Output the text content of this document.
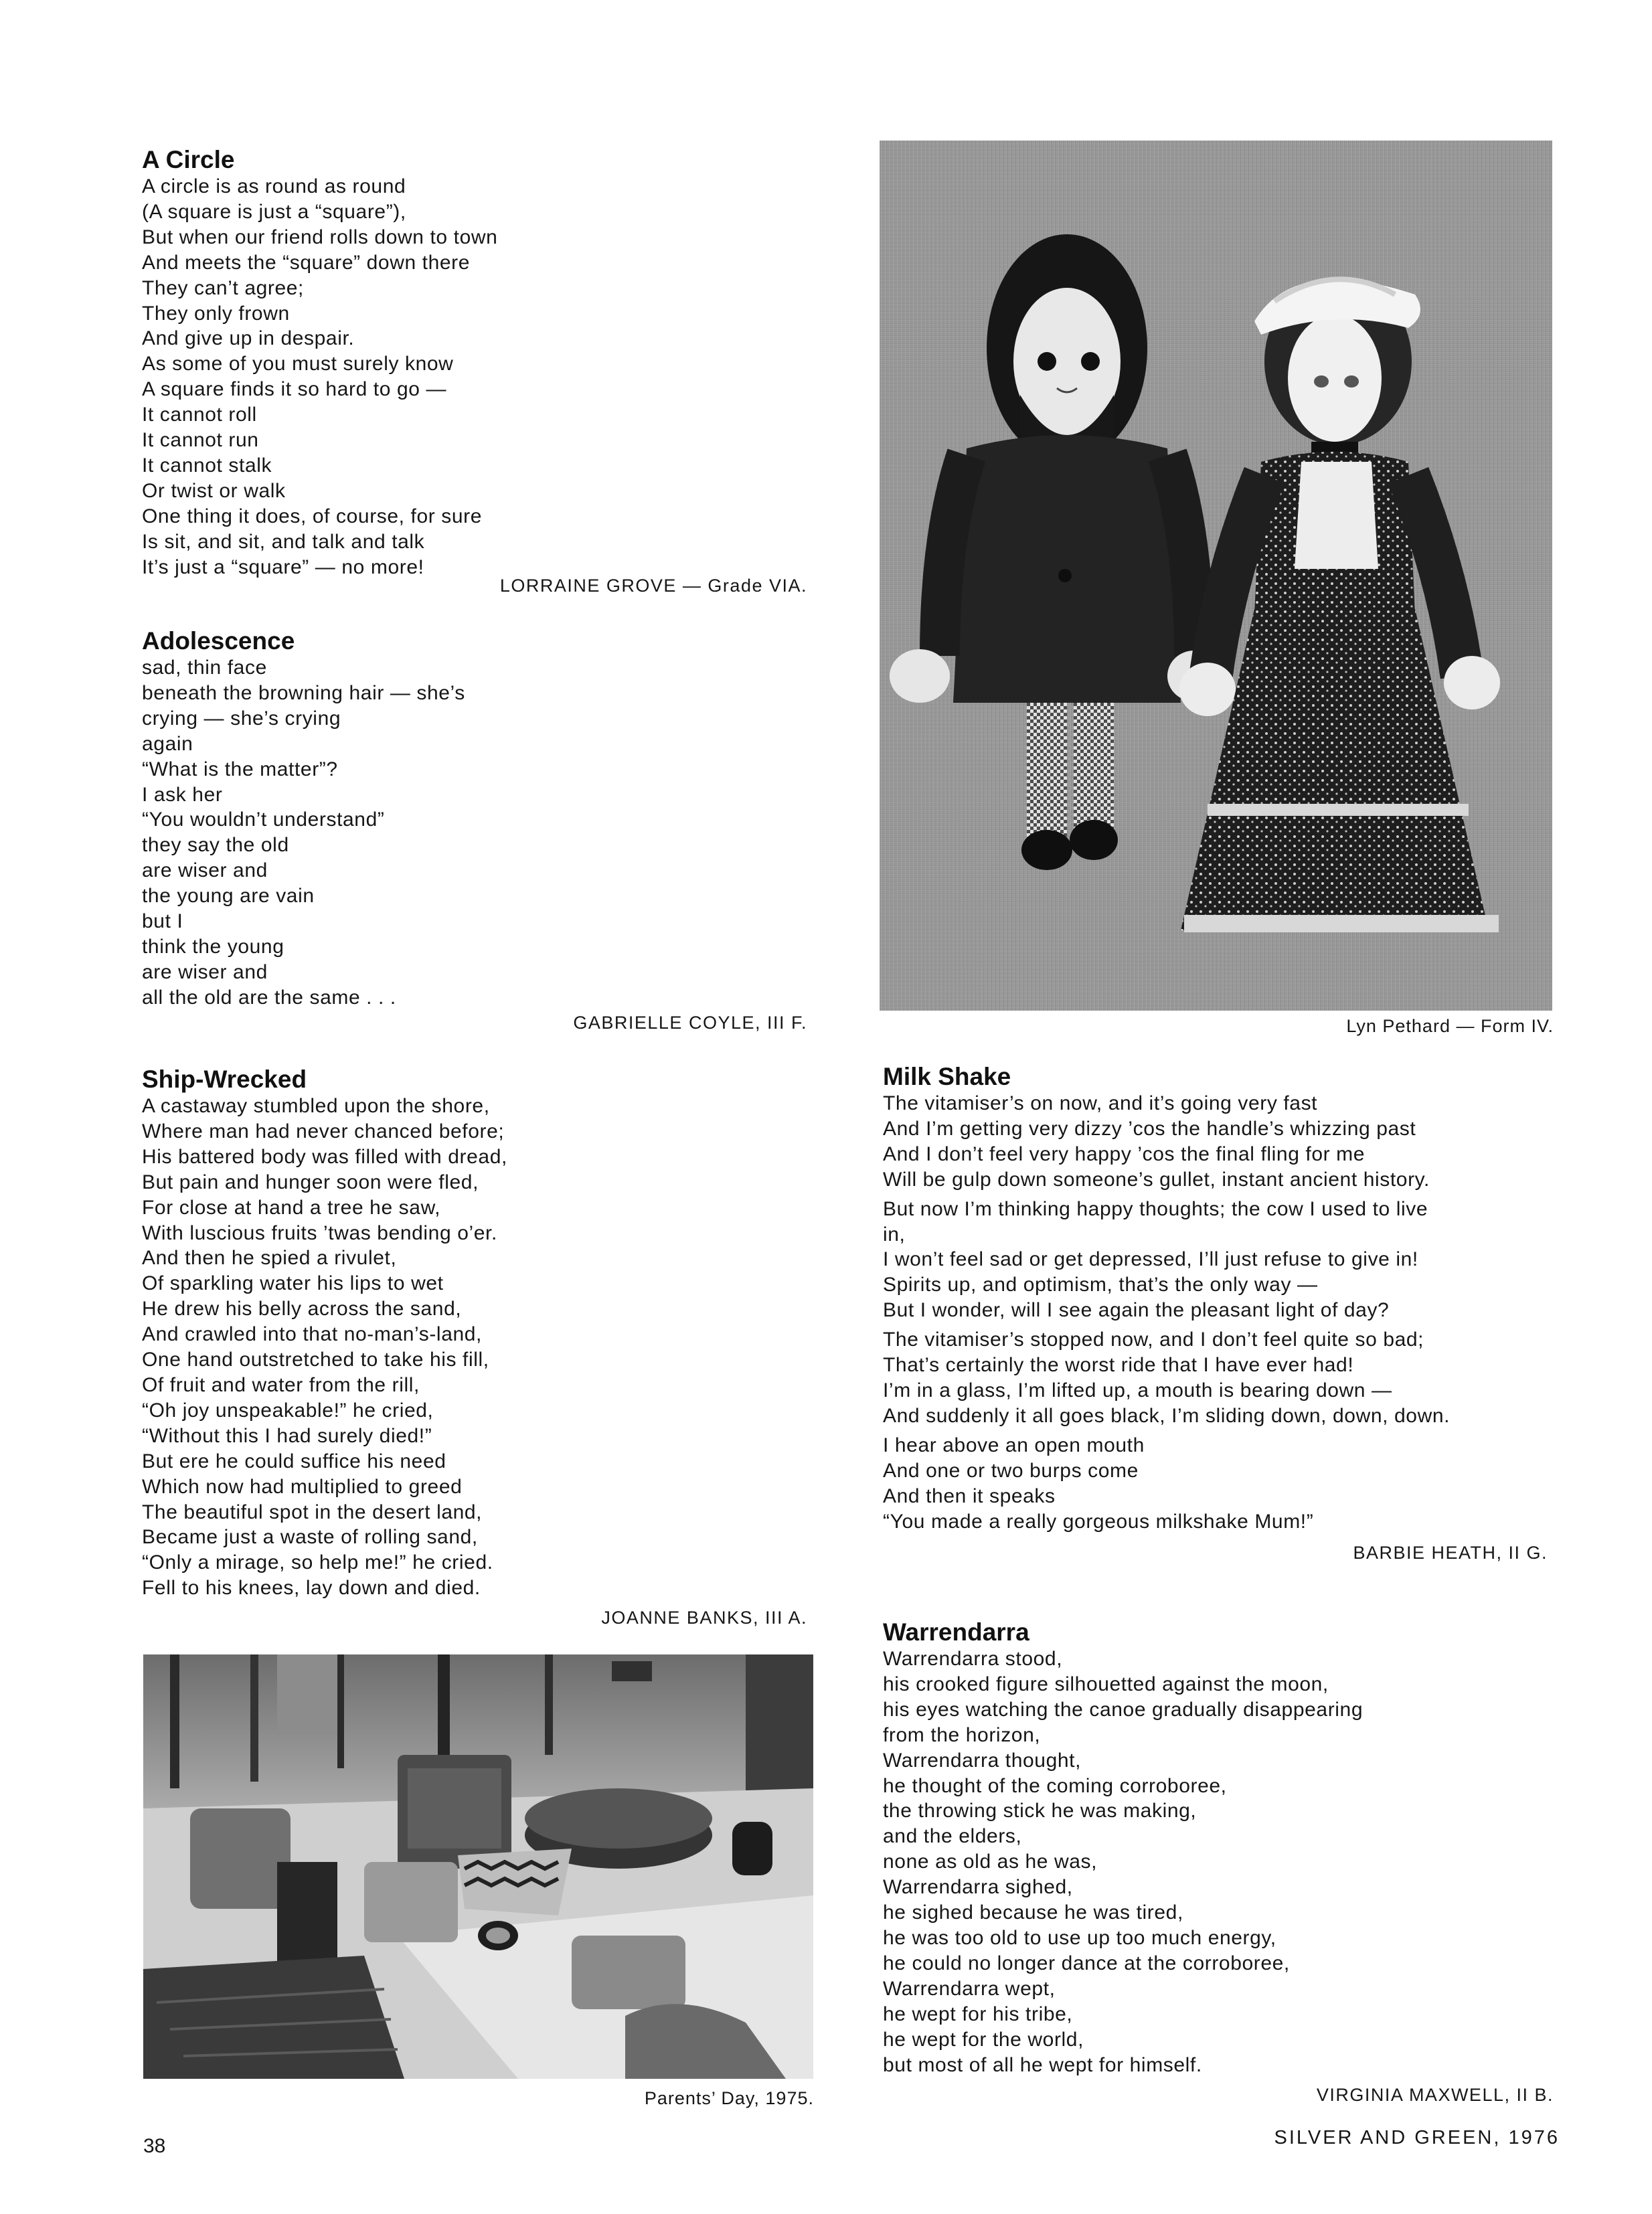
A Circle
A circle is as round as round
(A square is just a “square”),
But when our friend rolls down to town
And meets the “square” down there
They can’t agree;
They only frown
And give up in despair.
As some of you must surely know
A square finds it so hard to go —
It cannot roll
It cannot run
It cannot stalk
Or twist or walk
One thing it does, of course, for sure
Is sit, and sit, and talk and talk
It’s just a “square” — no more!
LORRAINE GROVE — Grade VIA.
Adolescence
sad, thin face
beneath the browning hair — she’s
crying — she’s crying
again
“What is the matter”?
I ask her
“You wouldn’t understand”
they say the old
are wiser and
the young are vain
but I
think the young
are wiser and
all the old are the same . . .
GABRIELLE COYLE, III F.
Ship-Wrecked
A castaway stumbled upon the shore,
Where man had never chanced before;
His battered body was filled with dread,
But pain and hunger soon were fled,
For close at hand a tree he saw,
With luscious fruits ’twas bending o’er.
And then he spied a rivulet,
Of sparkling water his lips to wet
He drew his belly across the sand,
And crawled into that no-man’s-land,
One hand outstretched to take his fill,
Of fruit and water from the rill,
“Oh joy unspeakable!” he cried,
“Without this I had surely died!”
But ere he could suffice his need
Which now had multiplied to greed
The beautiful spot in the desert land,
Became just a waste of rolling sand,
“Only a mirage, so help me!” he cried.
Fell to his knees, lay down and died.
JOANNE BANKS, III A.
Parents’ Day, 1975.
38
Lyn Pethard — Form IV.
Milk Shake
The vitamiser’s on now, and it’s going very fast
And I’m getting very dizzy ’cos the handle’s whizzing past
And I don’t feel very happy ’cos the final fling for me
Will be gulp down someone’s gullet, instant ancient history.
But now I’m thinking happy thoughts; the cow I used to live
in,
I won’t feel sad or get depressed, I’ll just refuse to give in!
Spirits up, and optimism, that’s the only way —
But I wonder, will I see again the pleasant light of day?
The vitamiser’s stopped now, and I don’t feel quite so bad;
That’s certainly the worst ride that I have ever had!
I’m in a glass, I’m lifted up, a mouth is bearing down —
And suddenly it all goes black, I’m sliding down, down, down.
I hear above an open mouth
And one or two burps come
And then it speaks
“You made a really gorgeous milkshake Mum!”
BARBIE HEATH, II G.
Warrendarra
Warrendarra stood,
his crooked figure silhouetted against the moon,
his eyes watching the canoe gradually disappearing
from the horizon,
Warrendarra thought,
he thought of the coming corroboree,
the throwing stick he was making,
and the elders,
none as old as he was,
Warrendarra sighed,
he sighed because he was tired,
he was too old to use up too much energy,
he could no longer dance at the corroboree,
Warrendarra wept,
he wept for his tribe,
he wept for the world,
but most of all he wept for himself.
VIRGINIA MAXWELL, II B.
SILVER AND GREEN, 1976
